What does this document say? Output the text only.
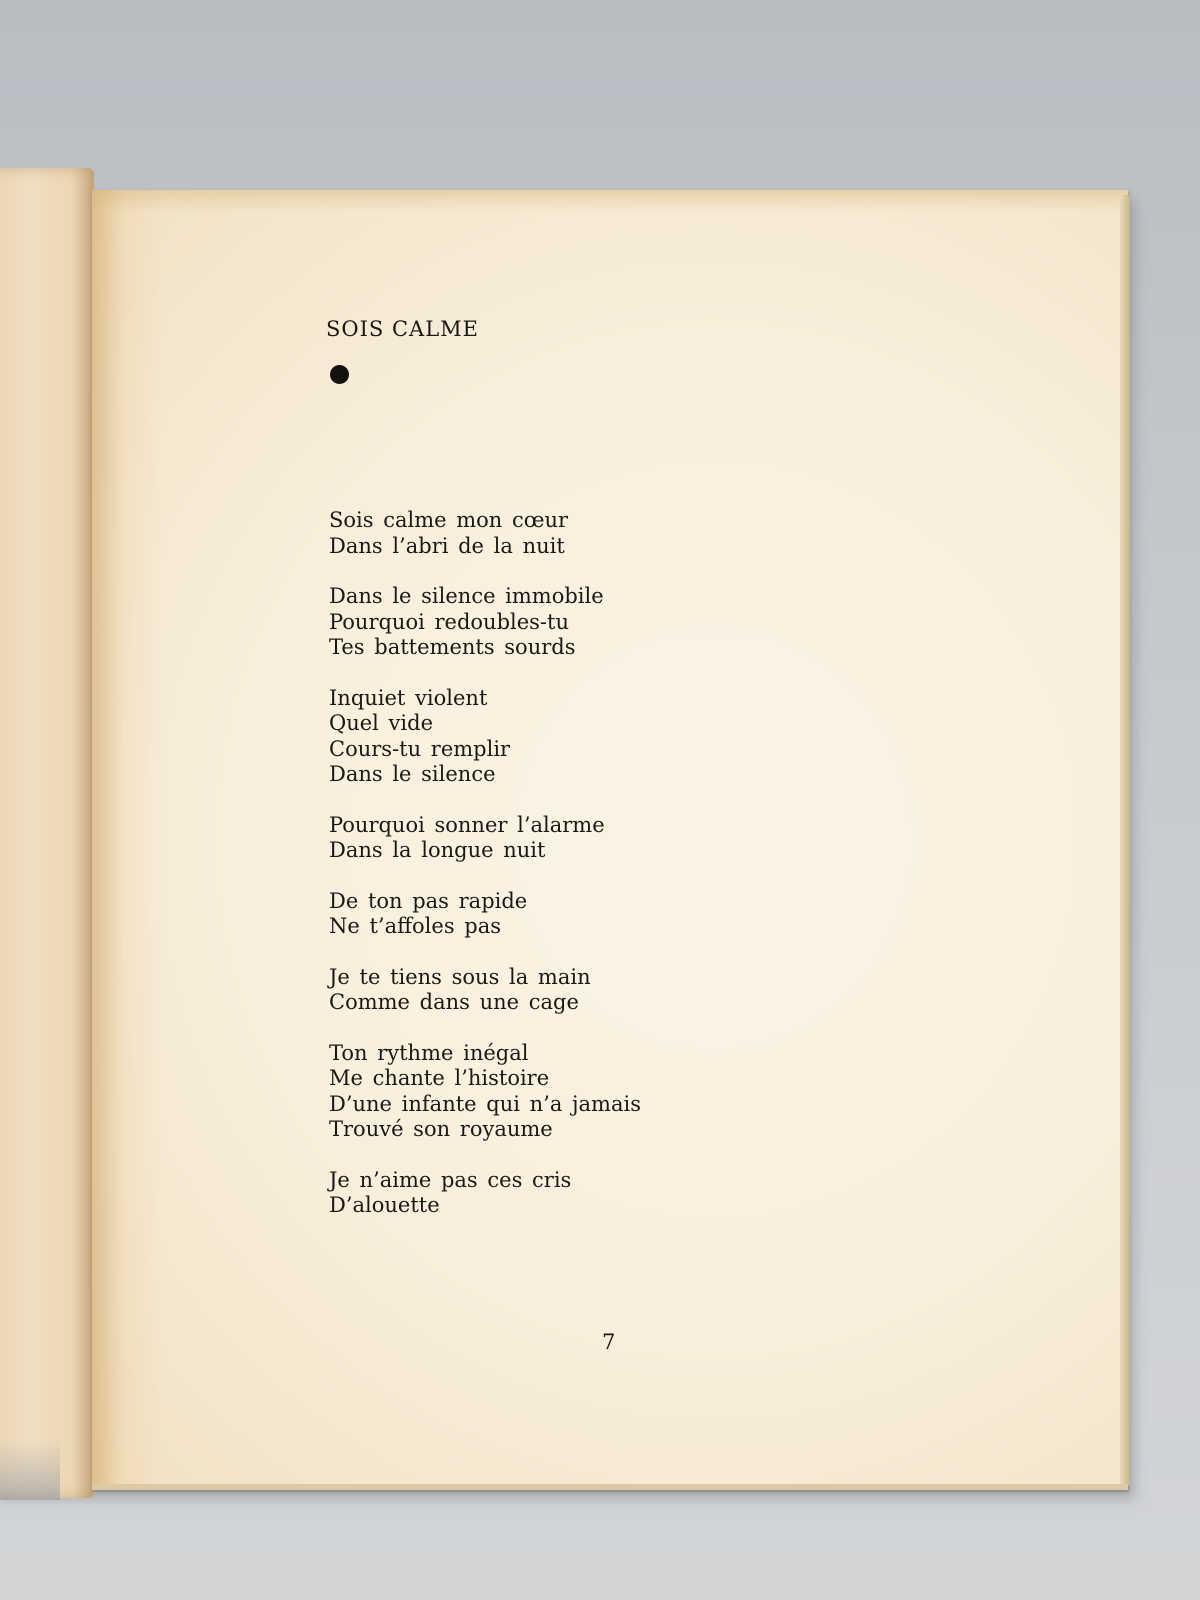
SOIS CALME
Sois calme mon cœur
Dans l’abri de la nuit
Dans le silence immobile
Pourquoi redoubles-tu
Tes battements sourds
Inquiet violent
Quel vide
Cours-tu remplir
Dans le silence
Pourquoi sonner l’alarme
Dans la longue nuit
De ton pas rapide
Ne t’affoles pas
Je te tiens sous la main
Comme dans une cage
Ton rythme inégal
Me chante l’histoire
D’une infante qui n’a jamais
Trouvé son royaume
Je n’aime pas ces cris
D’alouette
7
